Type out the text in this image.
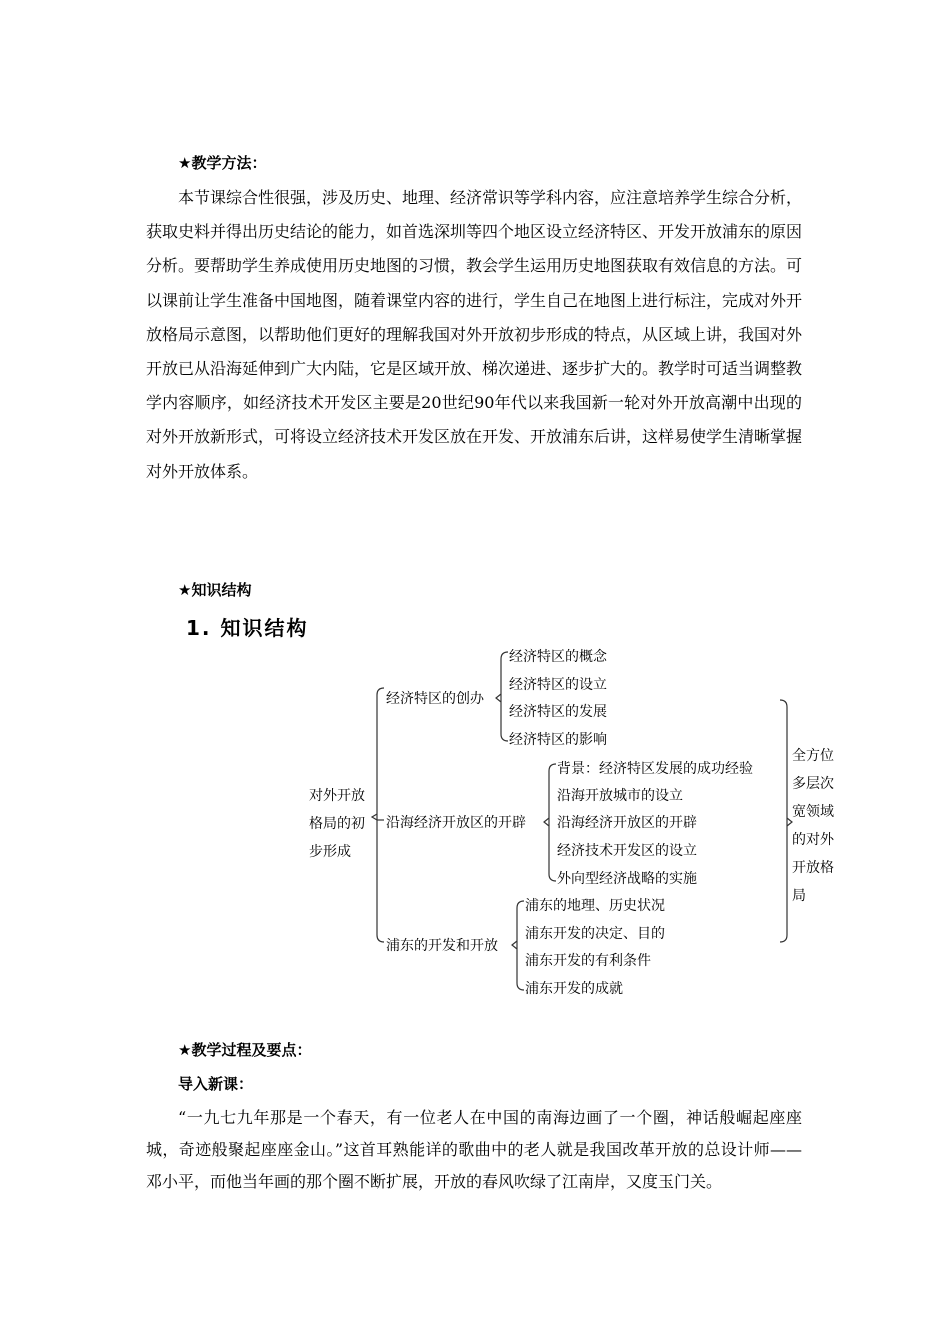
★教学方法：
本节课综合性很强，涉及历史、地理、经济常识等学科内容，应注意培养学生综合分析，获取史料并得出历史结论的能力，如首选深圳等四个地区设立经济特区、开发开放浦东的原因分析。要帮助学生养成使用历史地图的习惯，教会学生运用历史地图获取有效信息的方法。可以课前让学生准备中国地图，随着课堂内容的进行，学生自己在地图上进行标注，完成对外开放格局示意图，以帮助他们更好的理解我国对外开放初步形成的特点，从区域上讲，我国对外开放已从沿海延伸到广大内陆，它是区域开放、梯次递进、逐步扩大的。教学时可适当调整教学内容顺序，如经济技术开发区主要是20世纪90年代以来我国新一轮对外开放高潮中出现的对外开放新形式，可将设立经济技术开发区放在开发、开放浦东后讲，这样易使学生清晰掌握对外开放体系。
★知识结构
1. 知识结构
对外开放
格局的初
步形成
经济特区的创办
沿海经济开放区的开辟
浦东的开发和开放
经济特区的概念
经济特区的设立
经济特区的发展
经济特区的影响
背景：经济特区发展的成功经验
沿海开放城市的设立
沿海经济开放区的开辟
经济技术开发区的设立
外向型经济战略的实施
浦东的地理、历史状况
浦东开发的决定、目的
浦东开发的有利条件
浦东开发的成就
全方位
多层次
宽领域
的对外
开放格
局
★教学过程及要点：
导入新课：
“一九七九年那是一个春天，有一位老人在中国的南海边画了一个圈，神话般崛起座座城，奇迹般聚起座座金山。”这首耳熟能详的歌曲中的老人就是我国改革开放的总设计师——邓小平，而他当年画的那个圈不断扩展，开放的春风吹绿了江南岸，又度玉门关。
